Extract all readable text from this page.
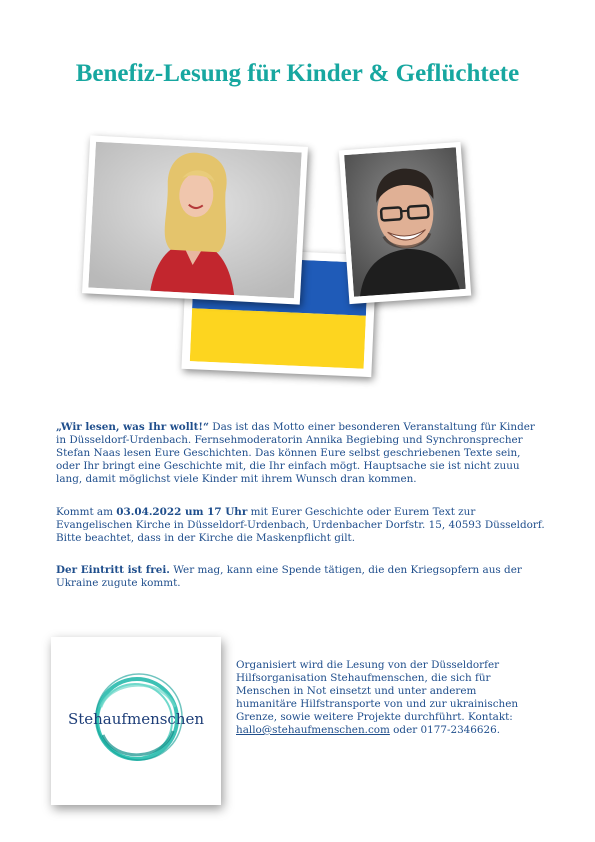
Benefiz-Lesung für Kinder & Geflüchtete

„Wir lesen, was Ihr wollt!“ Das ist das Motto einer besonderen Veranstaltung für Kinder in Düsseldorf-Urdenbach. Fernsehmoderatorin Annika Begiebing und Synchronsprecher Stefan Naas lesen Eure Geschichten. Das können Eure selbst geschriebenen Texte sein, oder Ihr bringt eine Geschichte mit, die Ihr einfach mögt. Hauptsache sie ist nicht zuuu lang, damit möglichst viele Kinder mit ihrem Wunsch dran kommen.

Kommt am 03.04.2022 um 17 Uhr mit Eurer Geschichte oder Eurem Text zur Evangelischen Kirche in Düsseldorf-Urdenbach, Urdenbacher Dorfstr. 15, 40593 Düsseldorf. Bitte beachtet, dass in der Kirche die Maskenpflicht gilt.

Der Eintritt ist frei. Wer mag, kann eine Spende tätigen, die den Kriegsopfern aus der Ukraine zugute kommt.

Stehaufmenschen
Organisiert wird die Lesung von der Düsseldorfer Hilfsorganisation Stehaufmenschen, die sich für Menschen in Not einsetzt und unter anderem humanitäre Hilfstransporte von und zur ukrainischen Grenze, sowie weitere Projekte durchführt. Kontakt: hallo@stehaufmenschen.com oder 0177-2346626.
